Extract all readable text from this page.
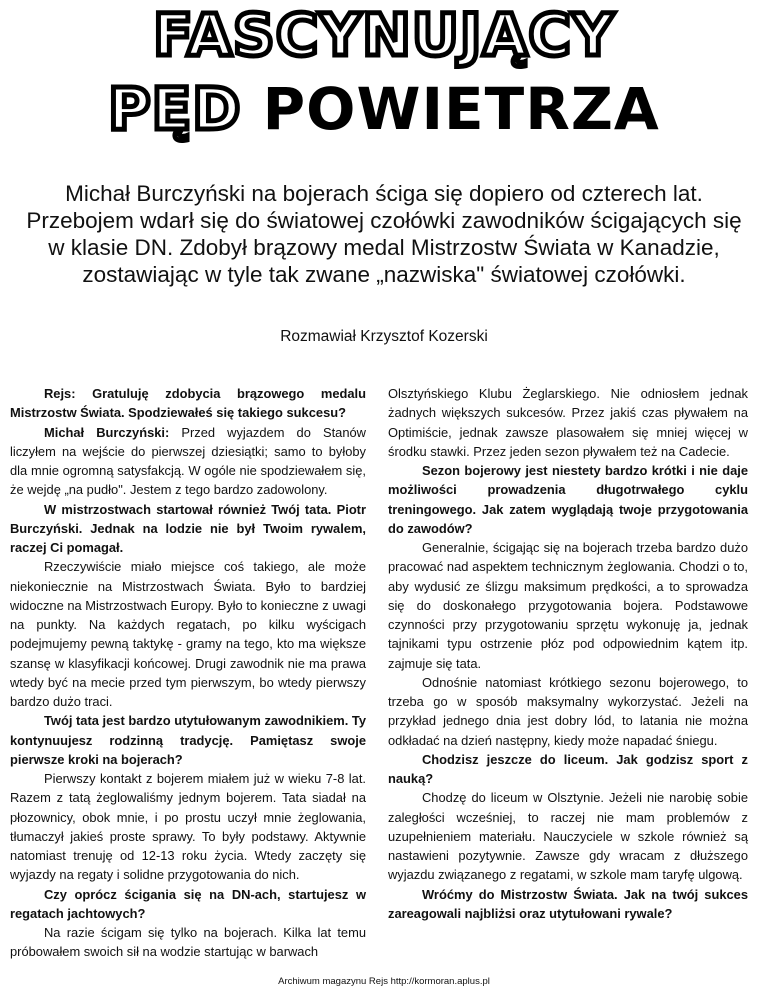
FASCYNUJĄCY
PĘD POWIETRZA

Michał Burczyński na bojerach ściga się dopiero od czterech lat. Przebojem wdarł się do światowej czołówki zawodników ścigających się w klasie DN. Zdobył brązowy medal Mistrzostw Świata w Kanadzie, zostawiając w tyle tak zwane „nazwiska" światowej czołówki.

Rozmawiał Krzysztof Kozerski

Rejs: Gratuluję zdobycia brązowego medalu Mistrzostw Świata. Spodziewałeś się takiego sukcesu?

Michał Burczyński: Przed wyjazdem do Stanów liczyłem na wejście do pierwszej dziesiątki; samo to byłoby dla mnie ogromną satysfakcją. W ogóle nie spodziewałem się, że wejdę „na pudło". Jestem z tego bardzo zadowolony.

W mistrzostwach startował również Twój tata. Piotr Burczyński. Jednak na lodzie nie był Twoim rywalem, raczej Ci pomagał.

Rzeczywiście miało miejsce coś takiego, ale może niekoniecznie na Mistrzostwach Świata. Było to bardziej widoczne na Mistrzostwach Europy. Było to konieczne z uwagi na punkty. Na każdych regatach, po kilku wyścigach podejmujemy pewną taktykę - gramy na tego, kto ma większe szansę w klasyfikacji końcowej. Drugi zawodnik nie ma prawa wtedy być na mecie przed tym pierwszym, bo wtedy pierwszy bardzo dużo traci.

Twój tata jest bardzo utytułowanym zawodnikiem. Ty kontynuujesz rodzinną tradycję. Pamiętasz swoje pierwsze kroki na bojerach?

Pierwszy kontakt z bojerem miałem już w wieku 7-8 lat. Razem z tatą żeglowaliśmy jednym bojerem. Tata siadał na płozownicy, obok mnie, i po prostu uczył mnie żeglowania, tłumaczył jakieś proste sprawy. To były podstawy. Aktywnie natomiast trenuję od 12-13 roku życia. Wtedy zaczęty się wyjazdy na regaty i solidne przygotowania do nich.

Czy oprócz ścigania się na DN-ach, startujesz w regatach jachtowych?

Na razie ścigam się tylko na bojerach. Kilka lat temu próbowałem swoich sił na wodzie startując w barwach

Olsztyńskiego Klubu Żeglarskiego. Nie odniosłem jednak żadnych większych sukcesów. Przez jakiś czas pływałem na Optimiście, jednak zawsze plasowałem się mniej więcej w środku stawki. Przez jeden sezon pływałem też na Cadecie.

Sezon bojerowy jest niestety bardzo krótki i nie daje możliwości prowadzenia długotrwałego cyklu treningowego. Jak zatem wyglądają twoje przygotowania do zawodów?

Generalnie, ścigając się na bojerach trzeba bardzo dużo pracować nad aspektem technicznym żeglowania. Chodzi o to, aby wydusić ze ślizgu maksimum prędkości, a to sprowadza się do doskonałego przygotowania bojera. Podstawowe czynności przy przygotowaniu sprzętu wykonuję ja, jednak tajnikami typu ostrzenie płóz pod odpowiednim kątem itp. zajmuje się tata.

Odnośnie natomiast krótkiego sezonu bojerowego, to trzeba go w sposób maksymalny wykorzystać. Jeżeli na przykład jednego dnia jest dobry lód, to latania nie można odkładać na dzień następny, kiedy może napadać śniegu.

Chodzisz jeszcze do liceum. Jak godzisz sport z nauką?

Chodzę do liceum w Olsztynie. Jeżeli nie narobię sobie zaległości wcześniej, to raczej nie mam problemów z uzupełnieniem materiału. Nauczyciele w szkole również są nastawieni pozytywnie. Zawsze gdy wracam z dłuższego wyjazdu związanego z regatami, w szkole mam taryfę ulgową.

Wróćmy do Mistrzostw Świata. Jak na twój sukces zareagowali najbliżsi oraz utytułowani rywale?

Archiwum magazynu Rejs http://kormoran.aplus.pl
